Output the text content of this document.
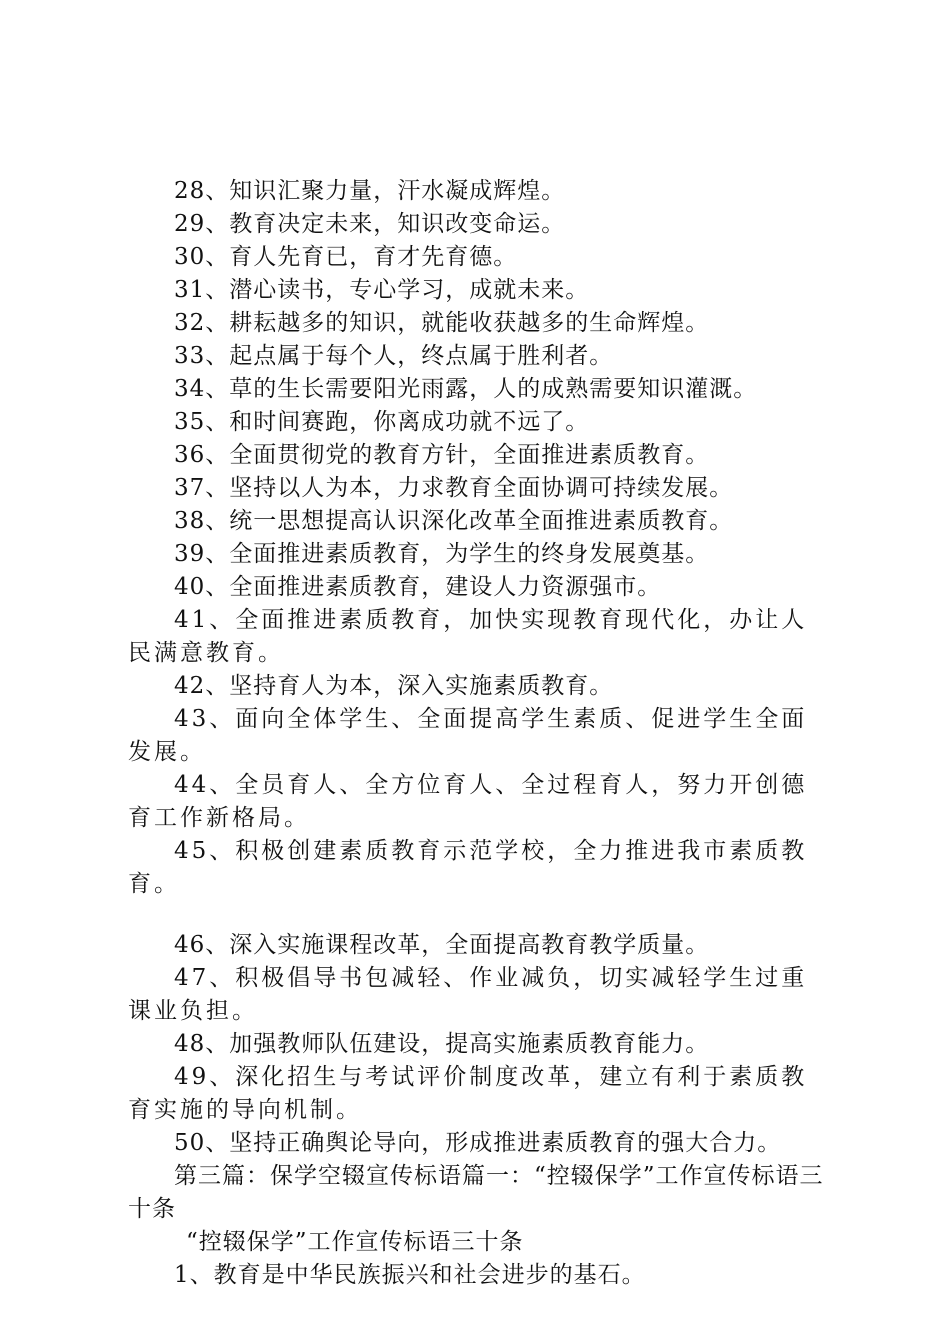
28、知识汇聚力量，汗水凝成辉煌。

29、教育决定未来，知识改变命运。

30、育人先育已，育才先育德。

31、潜心读书，专心学习，成就未来。

32、耕耘越多的知识，就能收获越多的生命辉煌。

33、起点属于每个人，终点属于胜利者。

34、草的生长需要阳光雨露，人的成熟需要知识灌溉。

35、和时间赛跑，你离成功就不远了。

36、全面贯彻党的教育方针，全面推进素质教育。

37、坚持以人为本，力求教育全面协调可持续发展。

38、统一思想提高认识深化改革全面推进素质教育。

39、全面推进素质教育，为学生的终身发展奠基。

40、全面推进素质教育，建设人力资源强市。

41、全面推进素质教育，加快实现教育现代化，办让人民满意教育。

42、坚持育人为本，深入实施素质教育。

43、面向全体学生、全面提高学生素质、促进学生全面发展。

44、全员育人、全方位育人、全过程育人，努力开创德育工作新格局。

45、积极创建素质教育示范学校，全力推进我市素质教育。

46、深入实施课程改革，全面提高教育教学质量。

47、积极倡导书包减轻、作业减负，切实减轻学生过重课业负担。

48、加强教师队伍建设，提高实施素质教育能力。

49、深化招生与考试评价制度改革，建立有利于素质教育实施的导向机制。

50、坚持正确舆论导向，形成推进素质教育的强大合力。

第三篇：保学空辍宣传标语篇一：“控辍保学”工作宣传标语三十条

“控辍保学”工作宣传标语三十条

1、教育是中华民族振兴和社会进步的基石。
